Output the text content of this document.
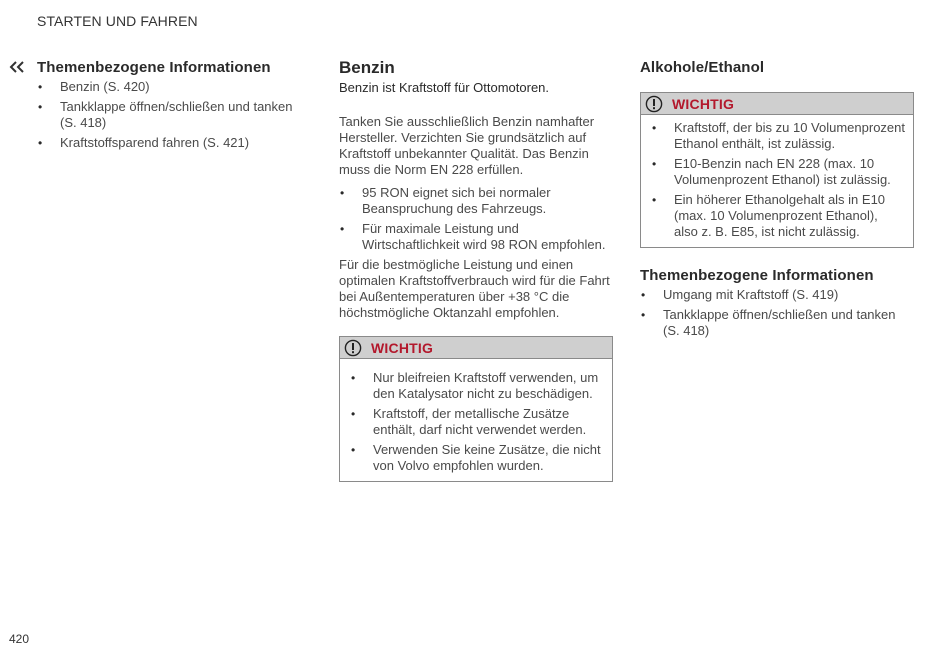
STARTEN UND FAHREN
Themenbezogene Informationen
• Benzin (S. 420)
• Tankklappe öffnen/schließen und tanken (S. 418)
• Kraftstoffsparend fahren (S. 421)
Benzin
Benzin ist Kraftstoff für Ottomotoren.

Tanken Sie ausschließlich Benzin namhafter Hersteller. Verzichten Sie grundsätzlich auf Kraftstoff unbekannter Qualität. Das Benzin muss die Norm EN 228 erfüllen.

• 95 RON eignet sich bei normaler Beanspruchung des Fahrzeugs.
• Für maximale Leistung und Wirtschaftlichkeit wird 98 RON empfohlen.

Für die bestmögliche Leistung und einen optimalen Kraftstoffverbrauch wird für die Fahrt bei Außentemperaturen über +38 °C die höchstmögliche Oktanzahl empfohlen.

WICHTIG
• Nur bleifreien Kraftstoff verwenden, um den Katalysator nicht zu beschädigen.
• Kraftstoff, der metallische Zusätze enthält, darf nicht verwendet werden.
• Verwenden Sie keine Zusätze, die nicht von Volvo empfohlen wurden.
Alkohole/Ethanol
WICHTIG
• Kraftstoff, der bis zu 10 Volumenprozent Ethanol enthält, ist zulässig.
• E10-Benzin nach EN 228 (max. 10 Volumenprozent Ethanol) ist zulässig.
• Ein höherer Ethanolgehalt als in E10 (max. 10 Volumenprozent Ethanol), also z. B. E85, ist nicht zulässig.
Themenbezogene Informationen
• Umgang mit Kraftstoff (S. 419)
• Tankklappe öffnen/schließen und tanken (S. 418)
420
